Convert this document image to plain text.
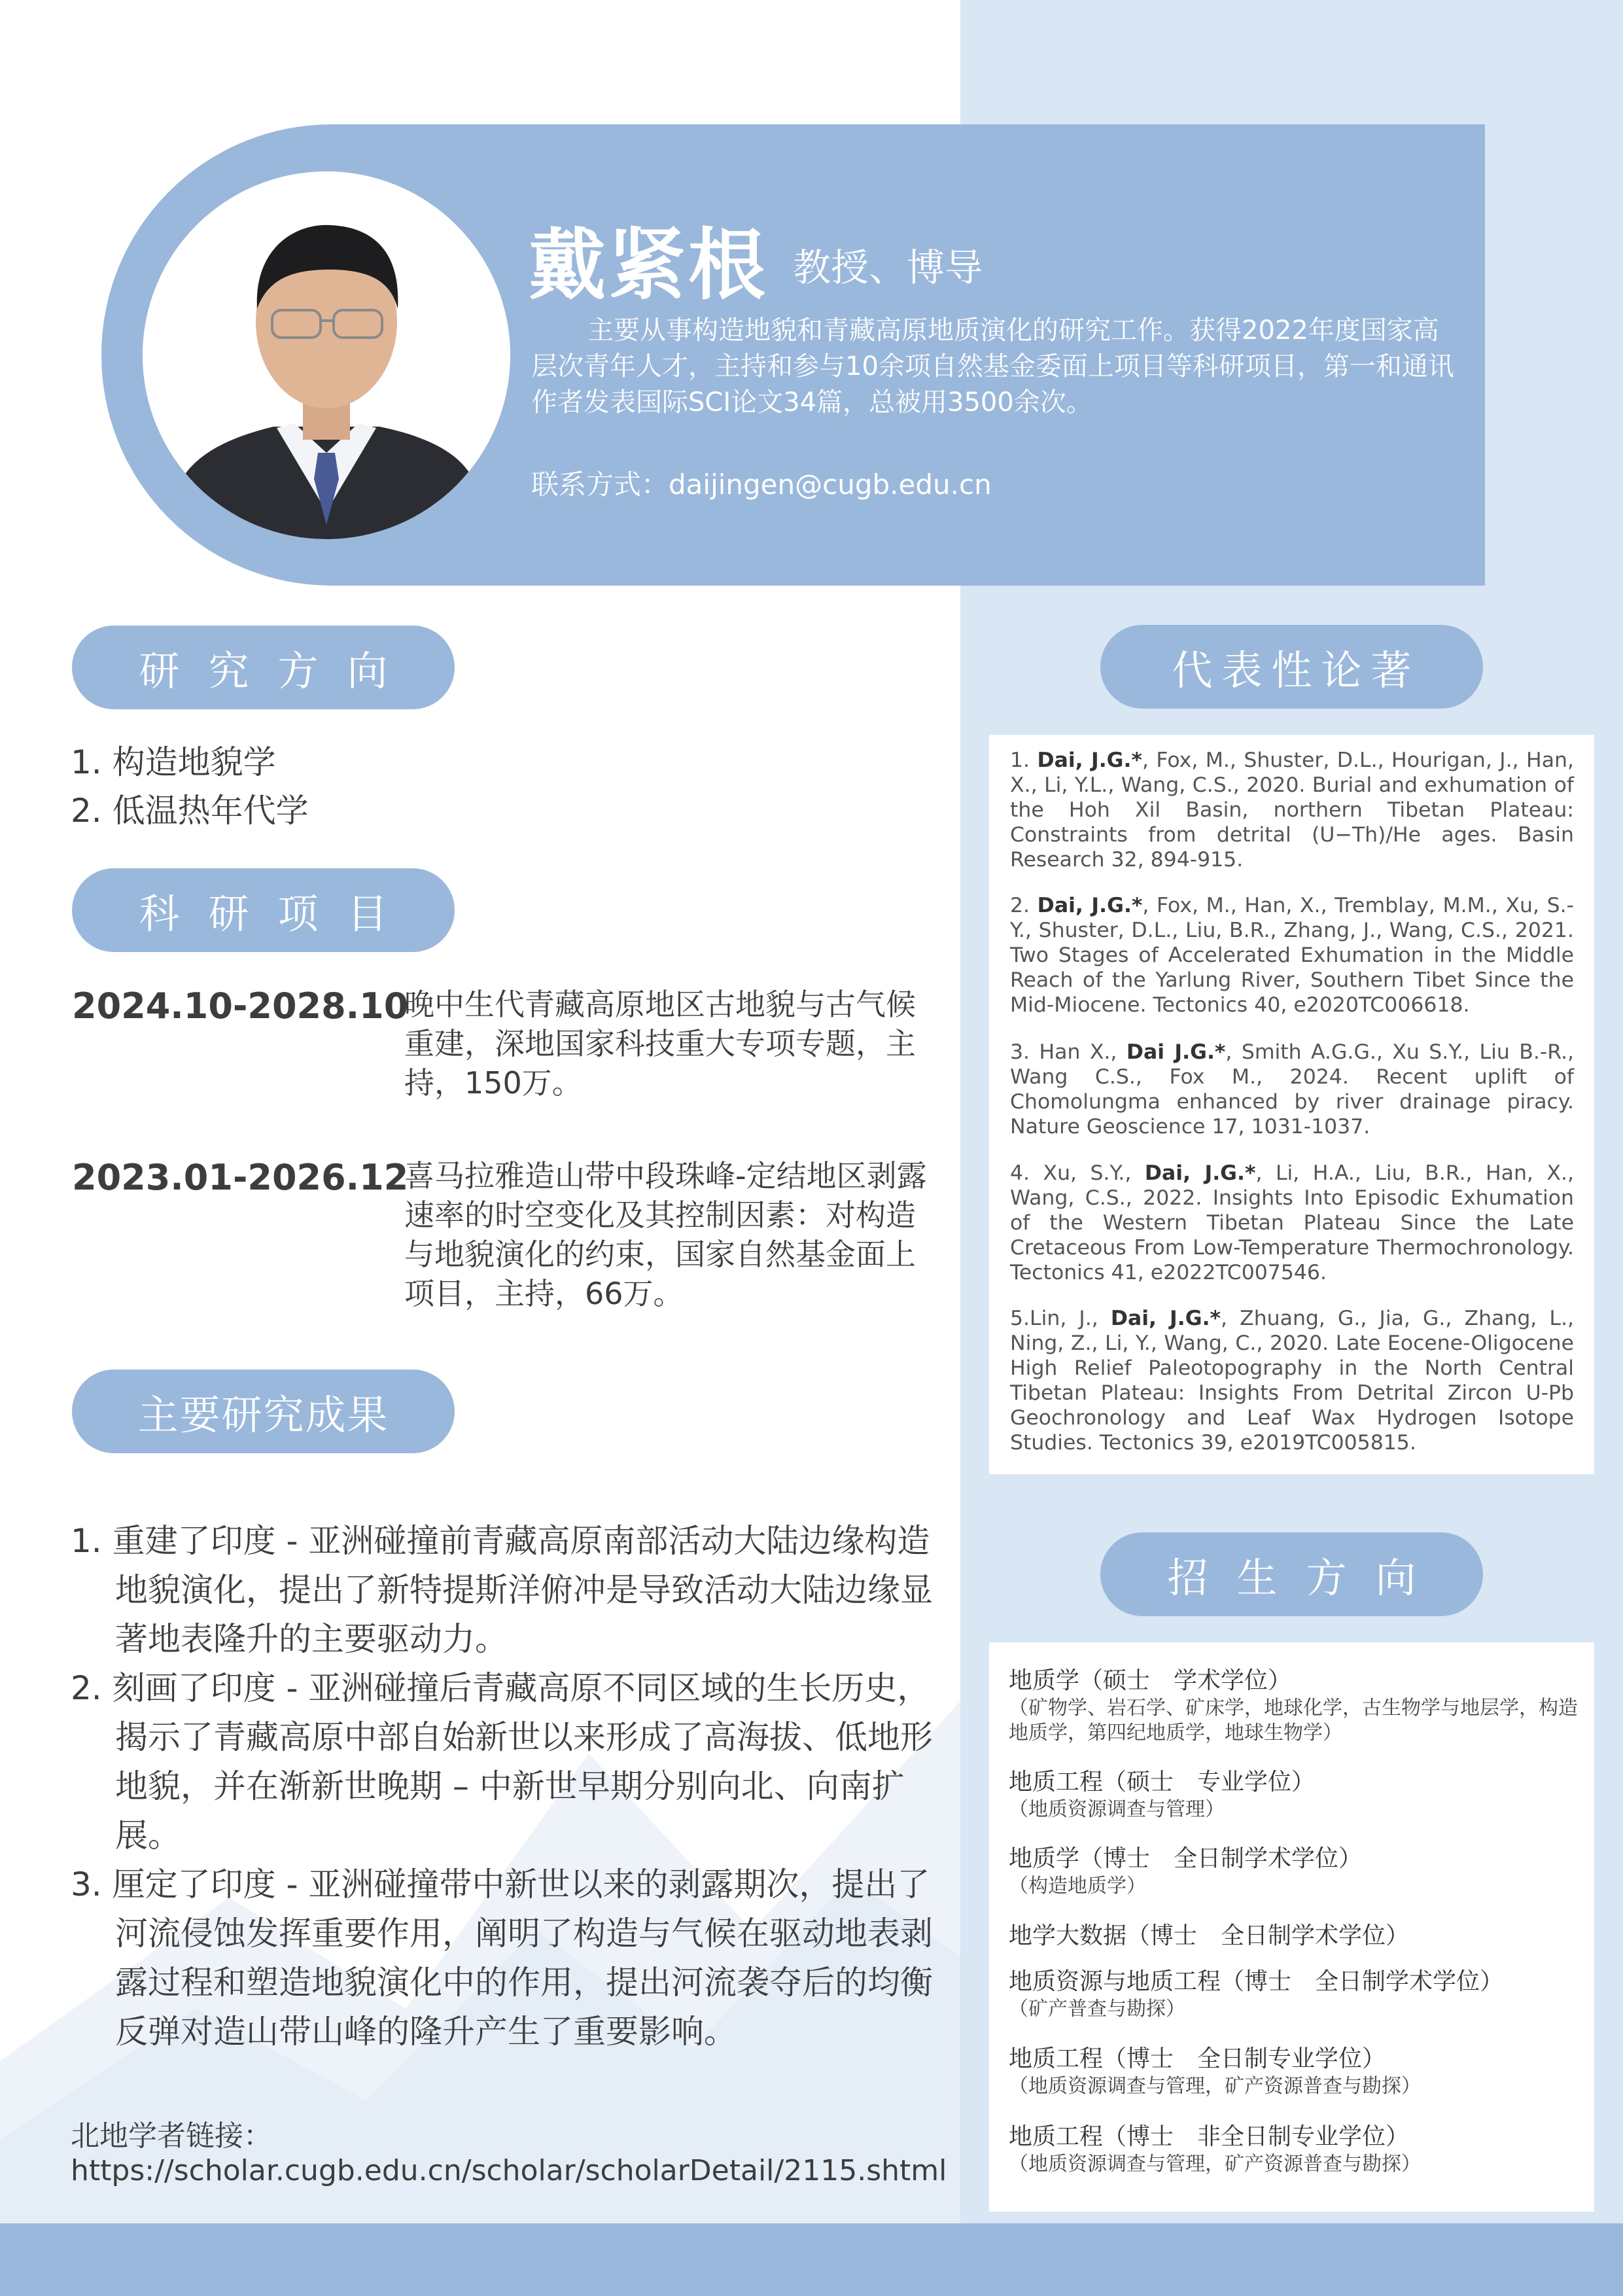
戴紧根 教授、博导
主要从事构造地貌和青藏高原地质演化的研究工作。获得2022年度国家高层次青年人才，主持和参与10余项自然基金委面上项目等科研项目，第一和通讯作者发表国际SCI论文34篇，总被用3500余次。
联系方式：daijingen@cugb.edu.cn
研究方向
1. 构造地貌学
2. 低温热年代学
科研项目
2024.10-2028.10
晚中生代青藏高原地区古地貌与古气候重建，深地国家科技重大专项专题，主持，150万。
2023.01-2026.12
喜马拉雅造山带中段珠峰-定结地区剥露速率的时空变化及其控制因素：对构造与地貌演化的约束，国家自然基金面上项目，主持，66万。
主要研究成果
1. 重建了印度 - 亚洲碰撞前青藏高原南部活动大陆边缘构造地貌演化，提出了新特提斯洋俯冲是导致活动大陆边缘显著地表隆升的主要驱动力。
2. 刻画了印度 - 亚洲碰撞后青藏高原不同区域的生长历史，揭示了青藏高原中部自始新世以来形成了高海拔、低地形地貌，并在渐新世晚期 – 中新世早期分别向北、向南扩展。
3. 厘定了印度 - 亚洲碰撞带中新世以来的剥露期次，提出了河流侵蚀发挥重要作用，阐明了构造与气候在驱动地表剥露过程和塑造地貌演化中的作用，提出河流袭夺后的均衡反弹对造山带山峰的隆升产生了重要影响。
北地学者链接：
https://scholar.cugb.edu.cn/scholar/scholarDetail/2115.shtml
代表性论著
1. Dai, J.G.*, Fox, M., Shuster, D.L., Hourigan, J., Han, X., Li, Y.L., Wang, C.S., 2020. Burial and exhumation of the Hoh Xil Basin, northern Tibetan Plateau: Constraints from detrital (U−Th)/He ages. Basin Research 32, 894-915.
2. Dai, J.G.*, Fox, M., Han, X., Tremblay, M.M., Xu, S.-Y., Shuster, D.L., Liu, B.R., Zhang, J., Wang, C.S., 2021. Two Stages of Accelerated Exhumation in the Middle Reach of the Yarlung River, Southern Tibet Since the Mid-Miocene. Tectonics 40, e2020TC006618.
3. Han X., Dai J.G.*, Smith A.G.G., Xu S.Y., Liu B.-R., Wang C.S., Fox M., 2024. Recent uplift of Chomolungma enhanced by river drainage piracy. Nature Geoscience 17, 1031-1037.
4. Xu, S.Y., Dai, J.G.*, Li, H.A., Liu, B.R., Han, X., Wang, C.S., 2022. Insights Into Episodic Exhumation of the Western Tibetan Plateau Since the Late Cretaceous From Low-Temperature Thermochronology. Tectonics 41, e2022TC007546.
5.Lin, J., Dai, J.G.*, Zhuang, G., Jia, G., Zhang, L., Ning, Z., Li, Y., Wang, C., 2020. Late Eocene-Oligocene High Relief Paleotopography in the North Central Tibetan Plateau: Insights From Detrital Zircon U-Pb Geochronology and Leaf Wax Hydrogen Isotope Studies. Tectonics 39, e2019TC005815.
招生方向
地质学（硕士　学术学位）
（矿物学、岩石学、矿床学，地球化学，古生物学与地层学，构造地质学，第四纪地质学，地球生物学）
地质工程（硕士　专业学位）
（地质资源调查与管理）
地质学（博士　全日制学术学位）
（构造地质学）
地学大数据（博士　全日制学术学位）
地质资源与地质工程（博士　全日制学术学位）
（矿产普查与勘探）
地质工程（博士　全日制专业学位）
（地质资源调查与管理，矿产资源普查与勘探）
地质工程（博士　非全日制专业学位）
（地质资源调查与管理，矿产资源普查与勘探）
